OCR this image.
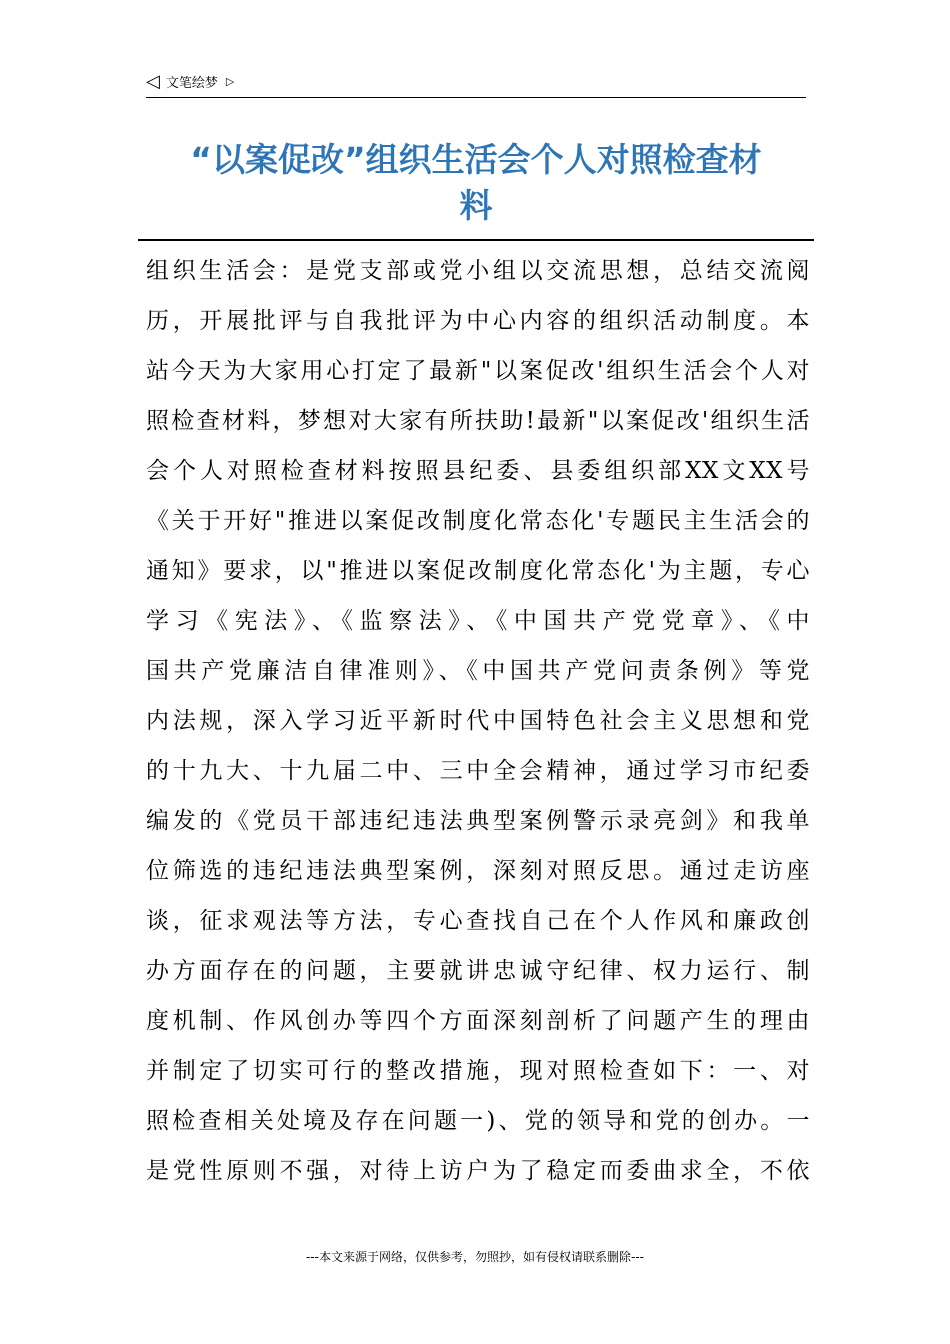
◁ 文笔绘梦 ▷
“以案促改”组织生活会个人对照检查材
料
组织生活会：是党支部或党小组以交流思想，总结交流阅
历，开展批评与自我批评为中心内容的组织活动制度。本
站今天为大家用心打定了最新"以案促改'组织生活会个人对
照检查材料，梦想对大家有所扶助!最新"以案促改'组织生活
会个人对照检查材料按照县纪委、县委组织部XX文XX号
《关于开好"推进以案促改制度化常态化'专题民主生活会的
通知》要求，以"推进以案促改制度化常态化'为主题，专心
学习《宪法》、《监察法》、《中国共产党党章》、《中
国共产党廉洁自律准则》、《中国共产党问责条例》等党
内法规，深入学习近平新时代中国特色社会主义思想和党
的十九大、十九届二中、三中全会精神，通过学习市纪委
编发的《党员干部违纪违法典型案例警示录亮剑》和我单
位筛选的违纪违法典型案例，深刻对照反思。通过走访座
谈，征求观法等方法，专心查找自己在个人作风和廉政创
办方面存在的问题，主要就讲忠诚守纪律、权力运行、制
度机制、作风创办等四个方面深刻剖析了问题产生的理由
并制定了切实可行的整改措施，现对照检查如下：一、对
照检查相关处境及存在问题一)、党的领导和党的创办。一
是党性原则不强，对待上访户为了稳定而委曲求全，不依
---本文来源于网络，仅供参考，勿照抄，如有侵权请联系删除---
